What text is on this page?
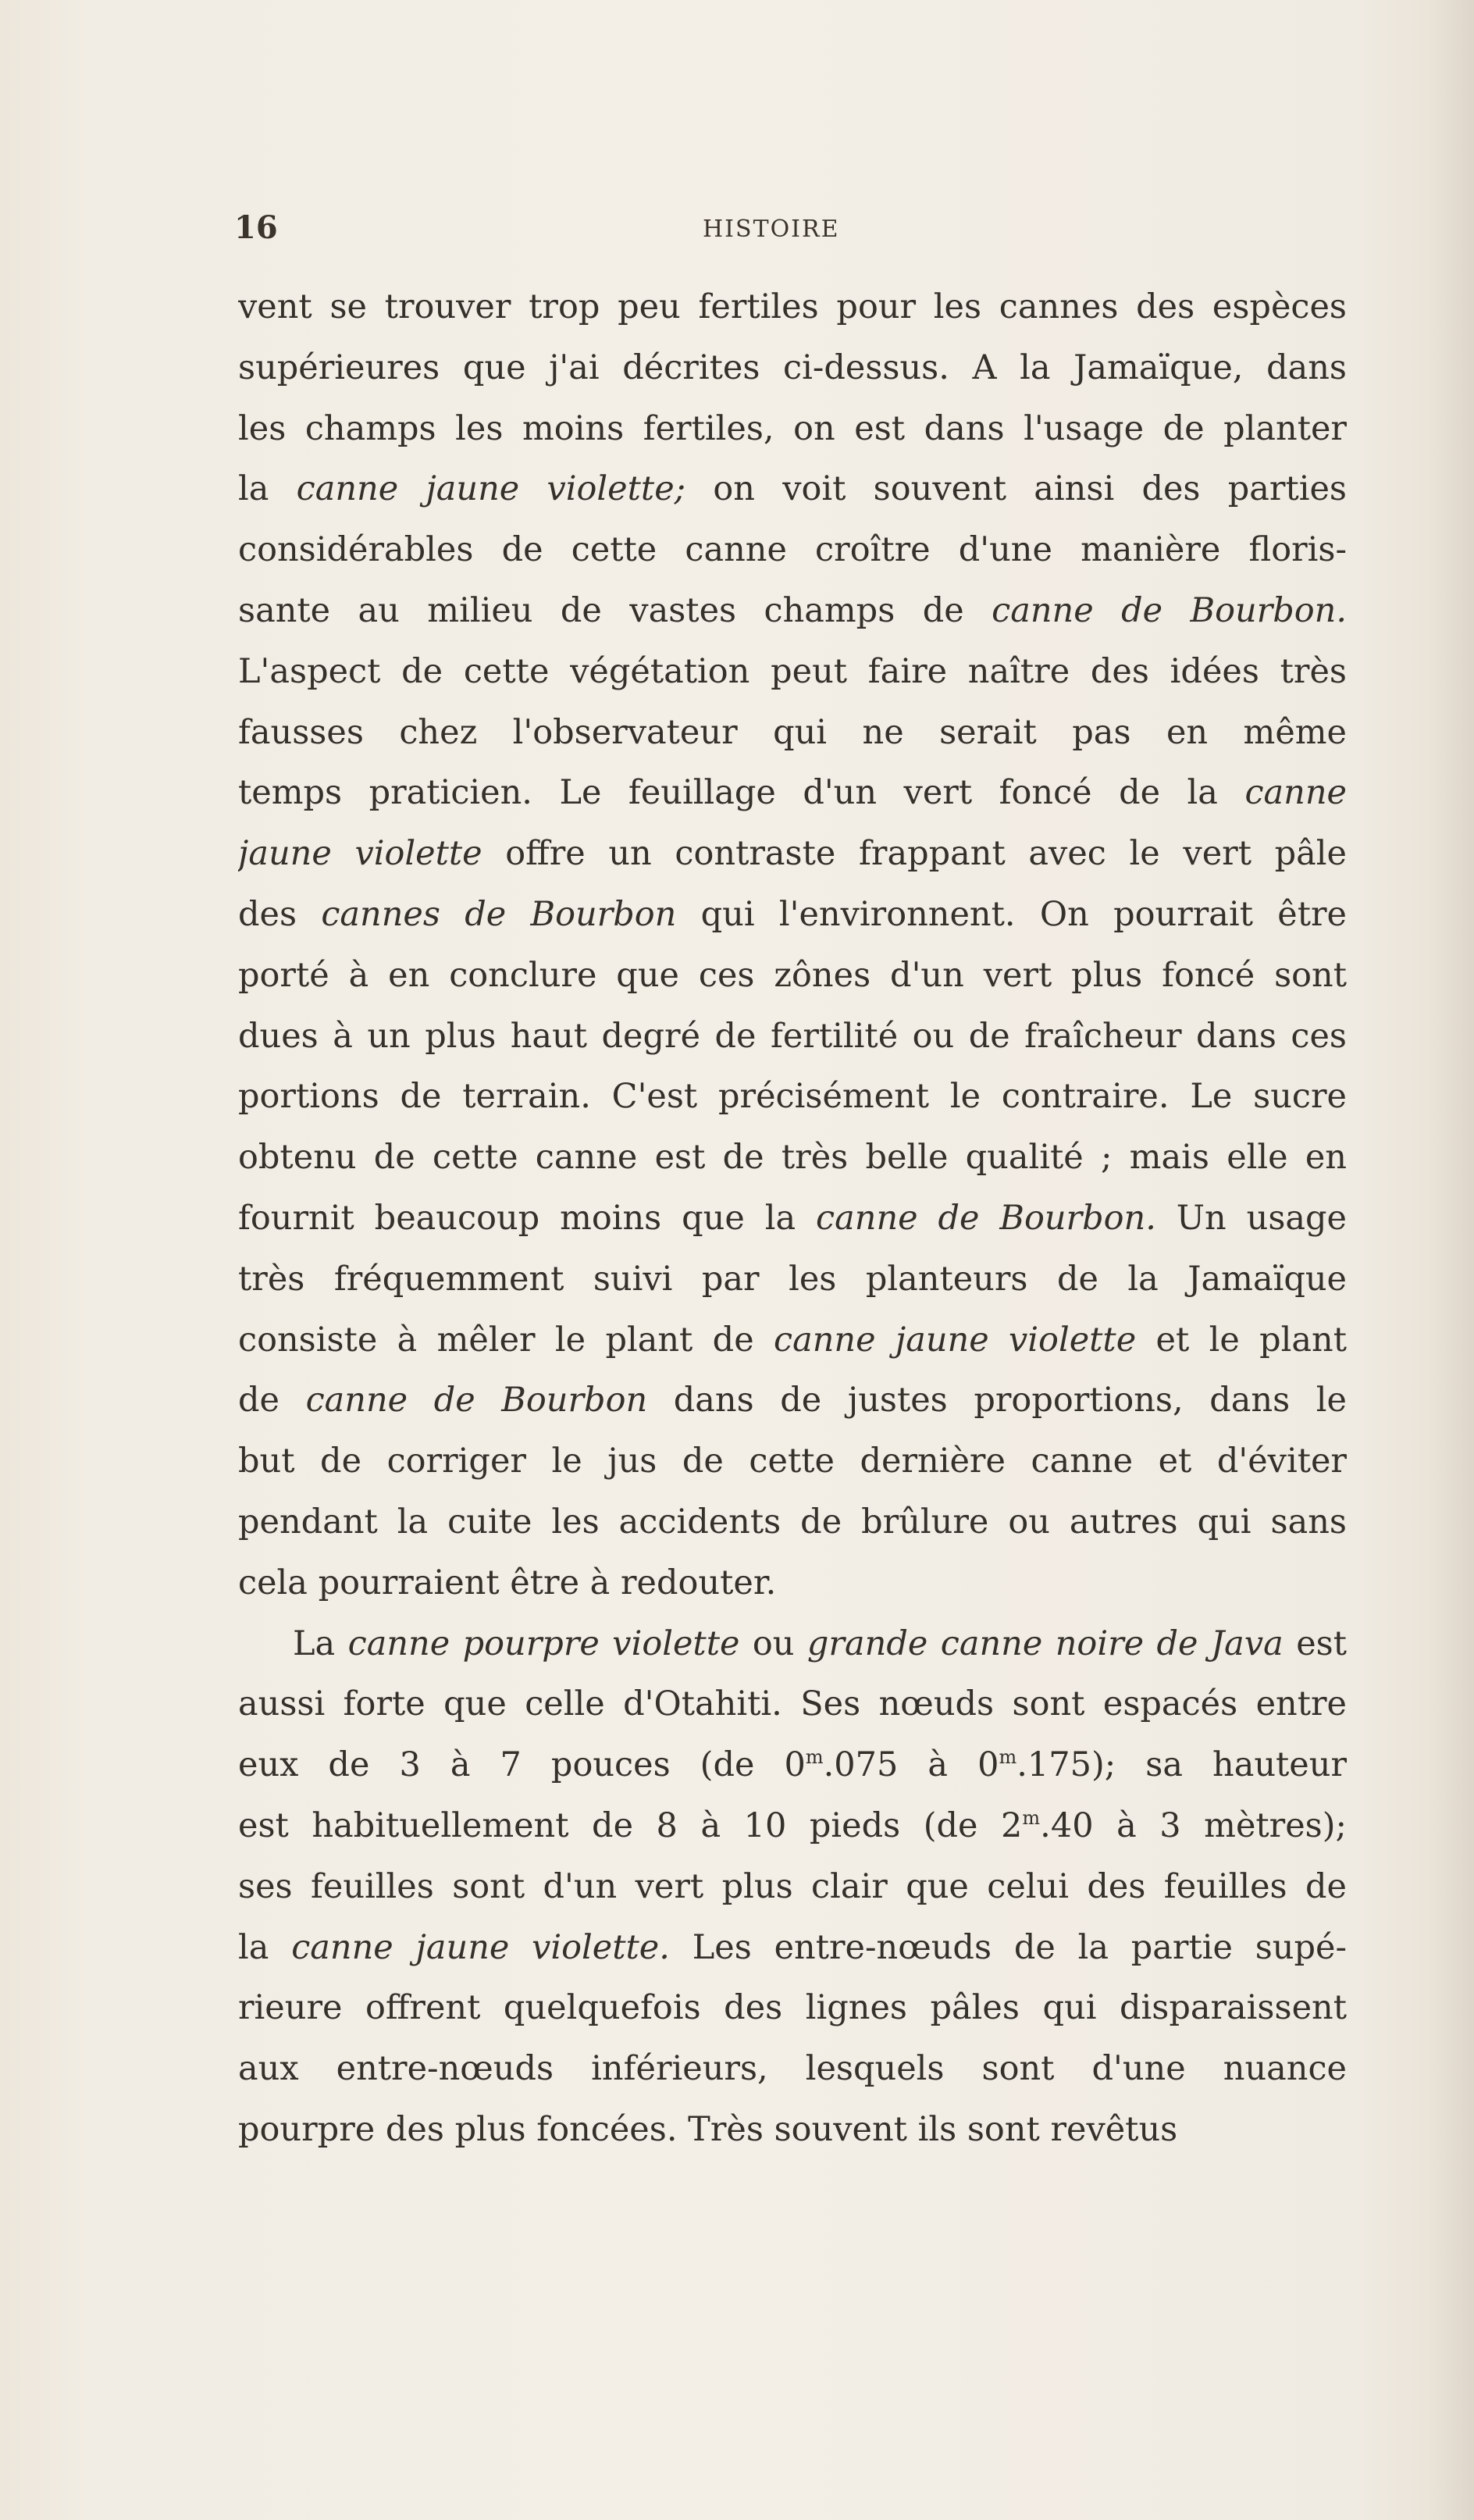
16	HISTOIRE
vent se trouver trop peu fertiles pour les cannes des espèces
supérieures que j'ai décrites ci-dessus. A la Jamaïque, dans
les champs les moins fertiles, on est dans l'usage de planter
la canne jaune violette; on voit souvent ainsi des parties
considérables de cette canne croître d'une manière floris-
sante au milieu de vastes champs de canne de Bourbon.
L'aspect de cette végétation peut faire naître des idées très
fausses chez l'observateur qui ne serait pas en même
temps praticien. Le feuillage d'un vert foncé de la canne
jaune violette offre un contraste frappant avec le vert pâle
des cannes de Bourbon qui l'environnent. On pourrait être
porté à en conclure que ces zônes d'un vert plus foncé sont
dues à un plus haut degré de fertilité ou de fraîcheur dans ces
portions de terrain. C'est précisément le contraire. Le sucre
obtenu de cette canne est de très belle qualité ; mais elle en
fournit beaucoup moins que la canne de Bourbon. Un usage
très fréquemment suivi par les planteurs de la Jamaïque
consiste à mêler le plant de canne jaune violette et le plant
de canne de Bourbon dans de justes proportions, dans le
but de corriger le jus de cette dernière canne et d'éviter
pendant la cuite les accidents de brûlure ou autres qui sans
cela pourraient être à redouter.
La canne pourpre violette ou grande canne noire de Java est
aussi forte que celle d'Otahiti. Ses nœuds sont espacés entre
eux de 3 à 7 pouces (de 0$^m$.075 à 0$^m$.175); sa hauteur
est habituellement de 8 à 10 pieds (de 2$^m$.40 à 3 mètres);
ses feuilles sont d'un vert plus clair que celui des feuilles de
la canne jaune violette. Les entre-nœuds de la partie supé-
rieure offrent quelquefois des lignes pâles qui disparaissent
aux entre-nœuds inférieurs, lesquels sont d'une nuance
pourpre des plus foncées. Très souvent ils sont revêtus
